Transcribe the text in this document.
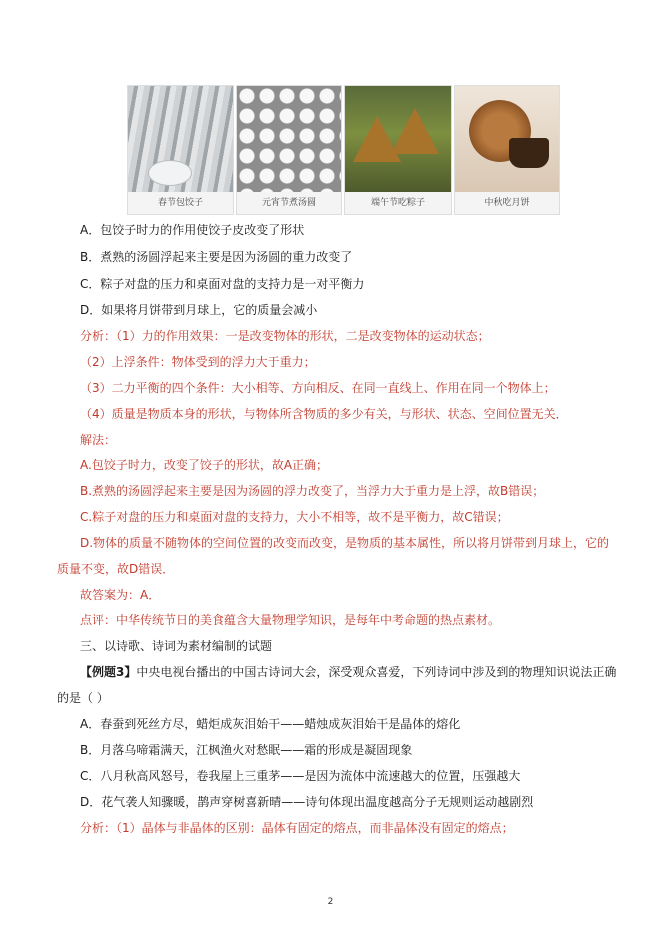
春节包饺子	元宵节煮汤圆	端午节吃粽子	中秋吃月饼
A．包饺子时力的作用使饺子皮改变了形状
B．煮熟的汤圆浮起来主要是因为汤圆的重力改变了
C．粽子对盘的压力和桌面对盘的支持力是一对平衡力
D．如果将月饼带到月球上，它的质量会减小
分析：（1）力的作用效果：一是改变物体的形状，二是改变物体的运动状态；
（2）上浮条件：物体受到的浮力大于重力；
（3）二力平衡的四个条件：大小相等、方向相反、在同一直线上、作用在同一个物体上；
（4）质量是物质本身的形状，与物体所含物质的多少有关，与形状、状态、空间位置无关．
解法：
A.包饺子时力，改变了饺子的形状，故A正确；
B.煮熟的汤圆浮起来主要是因为汤圆的浮力改变了，当浮力大于重力是上浮，故B错误；
C.粽子对盘的压力和桌面对盘的支持力，大小不相等，故不是平衡力，故C错误；
D.物体的质量不随物体的空间位置的改变而改变，是物质的基本属性，所以将月饼带到月球上，它的
质量不变，故D错误．
故答案为：A．
点评：中华传统节日的美食蕴含大量物理学知识，是每年中考命题的热点素材。
三、以诗歌、诗词为素材编制的试题
【例题3】中央电视台播出的中国古诗词大会，深受观众喜爱，下列诗词中涉及到的物理知识说法正确
的是（ ）
A．春蚕到死丝方尽，蜡炬成灰泪始干——蜡烛成灰泪始干是晶体的熔化
B．月落乌啼霜满天，江枫渔火对愁眠——霜的形成是凝固现象
C．八月秋高风怒号，卷我屋上三重茅——是因为流体中流速越大的位置，压强越大
D．花气袭人知骤暖，鹊声穿树喜新晴——诗句体现出温度越高分子无规则运动越剧烈
分析：（1）晶体与非晶体的区别：晶体有固定的熔点，而非晶体没有固定的熔点；
2
